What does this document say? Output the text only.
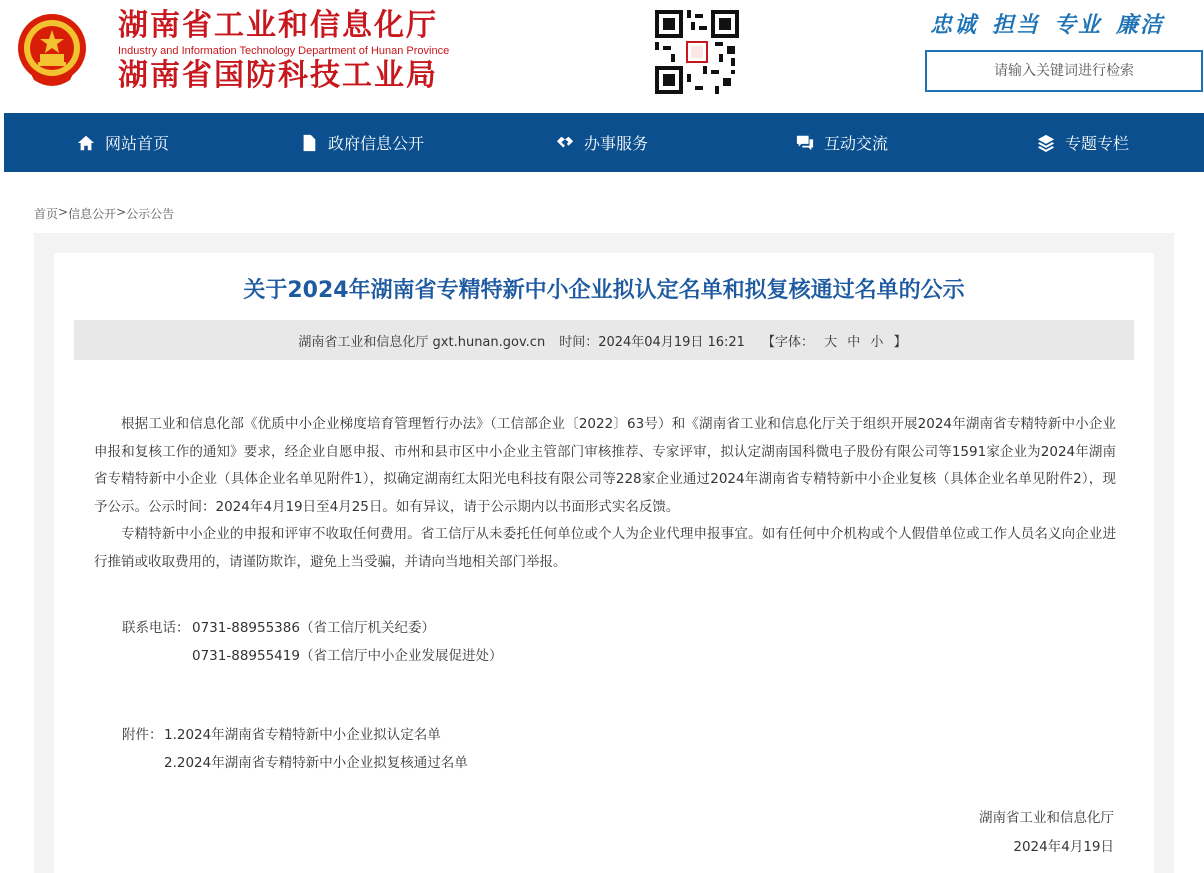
湖南省工业和信息化厅
Industry and Information Technology Department of Hunan Province
湖南省国防科技工业局
忠诚 担当 专业 廉洁
请输入关键词进行检索
网站首页	政府信息公开	办事服务	互动交流	专题专栏
首页 > 信息公开 > 公示公告
关于2024年湖南省专精特新中小企业拟认定名单和拟复核通过名单的公示
湖南省工业和信息化厅 gxt.hunan.gov.cn 时间：2024年04月19日 16:21 【字体： 大 中 小 】

根据工业和信息化部《优质中小企业梯度培育管理暂行办法》（工信部企业〔2022〕63号）和《湖南省工业和信息化厅关于组织开展2024年湖南省专精特新中小企业申报和复核工作的通知》要求，经企业自愿申报、市州和县市区中小企业主管部门审核推荐、专家评审，拟认定湖南国科微电子股份有限公司等1591家企业为2024年湖南省专精特新中小企业（具体企业名单见附件1），拟确定湖南红太阳光电科技有限公司等228家企业通过2024年湖南省专精特新中小企业复核（具体企业名单见附件2），现予公示。公示时间：2024年4月19日至4月25日。如有异议，请于公示期内以书面形式实名反馈。

专精特新中小企业的申报和评审不收取任何费用。省工信厅从未委托任何单位或个人为企业代理申报事宜。如有任何中介机构或个人假借单位或工作人员名义向企业进行推销或收取费用的，请谨防欺诈，避免上当受骗，并请向当地相关部门举报。

联系电话： 0731-88955386（省工信厅机关纪委）
0731-88955419（省工信厅中小企业发展促进处）
附件： 1.2024年湖南省专精特新中小企业拟认定名单
2.2024年湖南省专精特新中小企业拟复核通过名单
湖南省工业和信息化厅
2024年4月19日
